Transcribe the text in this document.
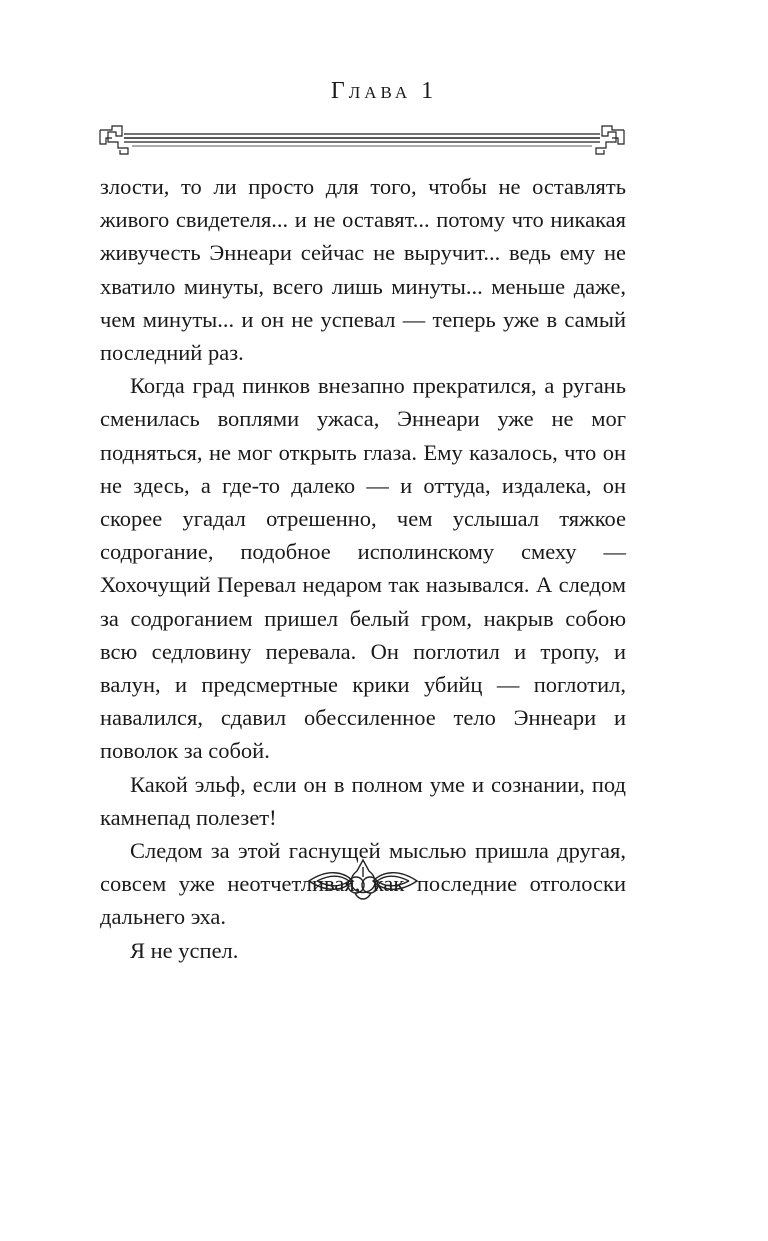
Глава 1

злости, то ли просто для того, чтобы не оставлять живого свидетеля... и не оставят... потому что никакая живучесть Эннеари сейчас не выручит... ведь ему не хватило минуты, всего лишь минуты... меньше даже, чем минуты... и он не успевал — теперь уже в самый последний раз.

Когда град пинков внезапно прекратился, а ругань сменилась воплями ужаса, Эннеари уже не мог подняться, не мог открыть глаза. Ему казалось, что он не здесь, а где-то далеко — и оттуда, издалека, он скорее угадал отрешенно, чем услышал тяжкое содрогание, подобное исполинскому смеху — Хохочущий Перевал недаром так назывался. А следом за содроганием пришел белый гром, накрыв собою всю седловину перевала. Он поглотил и тропу, и валун, и предсмертные крики убийц — поглотил, навалился, сдавил обессиленное тело Эннеари и поволок за собой.

Какой эльф, если он в полном уме и сознании, под камнепад полезет!

Следом за этой гаснущей мыслью пришла другая, совсем уже неотчетливая, как последние отголоски дальнего эха.

Я не успел.
